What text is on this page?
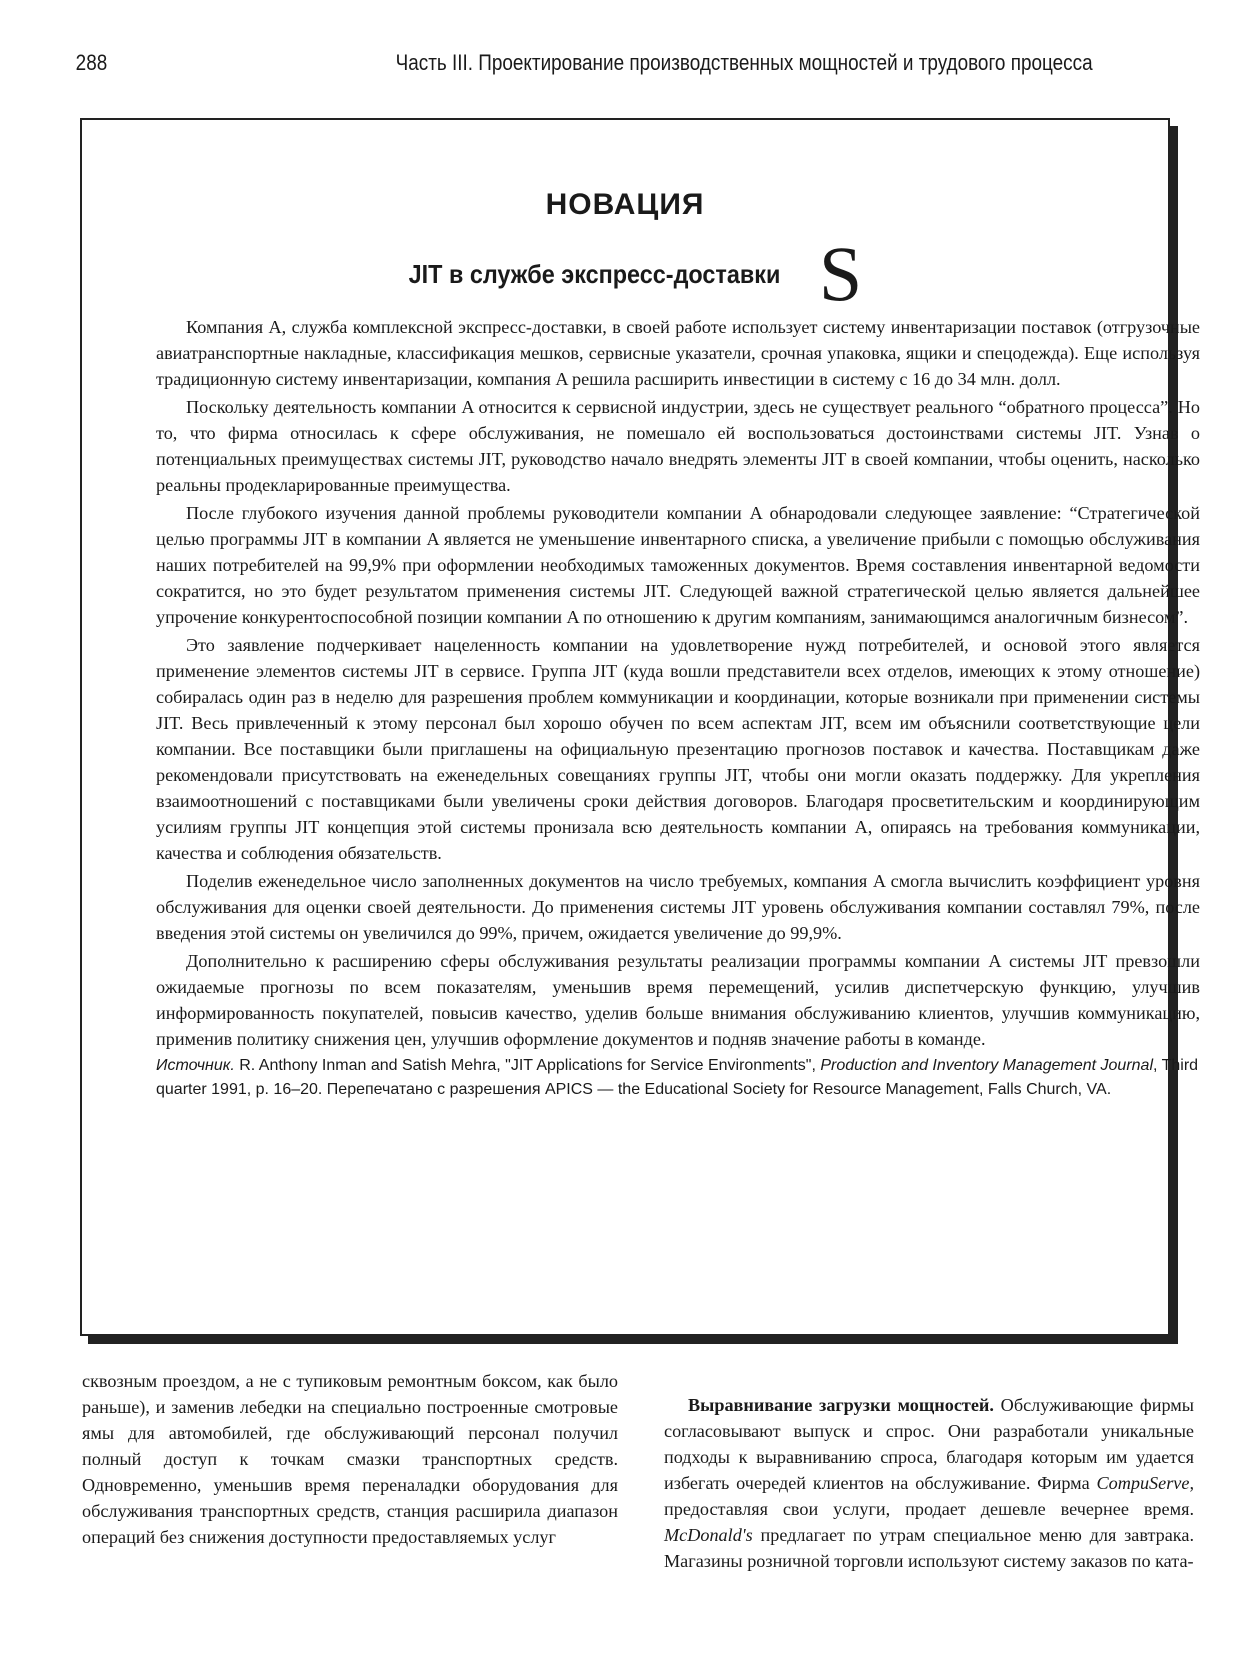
288	Часть III. Проектирование производственных мощностей и трудового процесса
НОВАЦИЯ
JIT в службе экспресс-доставки S

Компания A, служба комплексной экспресс-доставки, в своей работе использует систему инвентаризации поставок (отгрузочные авиатранспортные накладные, классификация мешков, сервисные указатели, срочная упаковка, ящики и спецодежда). Еще используя традиционную систему инвентаризации, компания A решила расширить инвестиции в систему с 16 до 34 млн. долл.

Поскольку деятельность компании A относится к сервисной индустрии, здесь не существует реального “обратного процесса”. Но то, что фирма относилась к сфере обслуживания, не помешало ей воспользоваться достоинствами системы JIT. Узнав о потенциальных преимуществах системы JIT, руководство начало внедрять элементы JIT в своей компании, чтобы оценить, насколько реальны продекларированные преимущества.

После глубокого изучения данной проблемы руководители компании A обнародовали следующее заявление: “Стратегической целью программы JIT в компании A является не уменьшение инвентарного списка, а увеличение прибыли с помощью обслуживания наших потребителей на 99,9% при оформлении необходимых таможенных документов. Время составления инвентарной ведомости сократится, но это будет результатом применения системы JIT. Следующей важной стратегической целью является дальнейшее упрочение конкурентоспособной позиции компании A по отношению к другим компаниям, занимающимся аналогичным бизнесом”.

Это заявление подчеркивает нацеленность компании на удовлетворение нужд потребителей, и основой этого является применение элементов системы JIT в сервисе. Группа JIT (куда вошли представители всех отделов, имеющих к этому отношение) собиралась один раз в неделю для разрешения проблем коммуникации и координации, которые возникали при применении системы JIT. Весь привлеченный к этому персонал был хорошо обучен по всем аспектам JIT, всем им объяснили соответствующие цели компании. Все поставщики были приглашены на официальную презентацию прогнозов поставок и качества. Поставщикам даже рекомендовали присутствовать на еженедельных совещаниях группы JIT, чтобы они могли оказать поддержку. Для укрепления взаимоотношений с поставщиками были увеличены сроки действия договоров. Благодаря просветительским и координирующим усилиям группы JIT концепция этой системы пронизала всю деятельность компании A, опираясь на требования коммуникации, качества и соблюдения обязательств.

Поделив еженедельное число заполненных документов на число требуемых, компания A смогла вычислить коэффициент уровня обслуживания для оценки своей деятельности. До применения системы JIT уровень обслуживания компании составлял 79%, после введения этой системы он увеличился до 99%, причем, ожидается увеличение до 99,9%.

Дополнительно к расширению сферы обслуживания результаты реализации программы компании A системы JIT превзошли ожидаемые прогнозы по всем показателям, уменьшив время перемещений, усилив диспетчерскую функцию, улучшив информированность покупателей, повысив качество, уделив больше внимания обслуживанию клиентов, улучшив коммуникацию, применив политику снижения цен, улучшив оформление документов и подняв значение работы в команде.

Источник. R. Anthony Inman and Satish Mehra, "JIT Applications for Service Environments", Production and Inventory Management Journal, Third quarter 1991, p. 16–20. Перепечатано с разрешения APICS — the Educational Society for Resource Management, Falls Church, VA.

сквозным проездом, а не с тупиковым ремонтным боксом, как было раньше), и заменив лебедки на специально построенные смотровые ямы для автомобилей, где обслуживающий персонал получил полный доступ к точкам смазки транспортных средств. Одновременно, уменьшив время переналадки оборудования для обслуживания транспортных средств, станция расширила диапазон операций без снижения доступности предоставляемых услуг

Выравнивание загрузки мощностей. Обслуживающие фирмы согласовывают выпуск и спрос. Они разработали уникальные подходы к выравниванию спроса, благодаря которым им удается избегать очередей клиентов на обслуживание. Фирма CompuServe, предоставляя свои услуги, продает дешевле вечернее время. McDonald's предлагает по утрам специальное меню для завтрака. Магазины розничной торговли используют систему заказов по ката-
